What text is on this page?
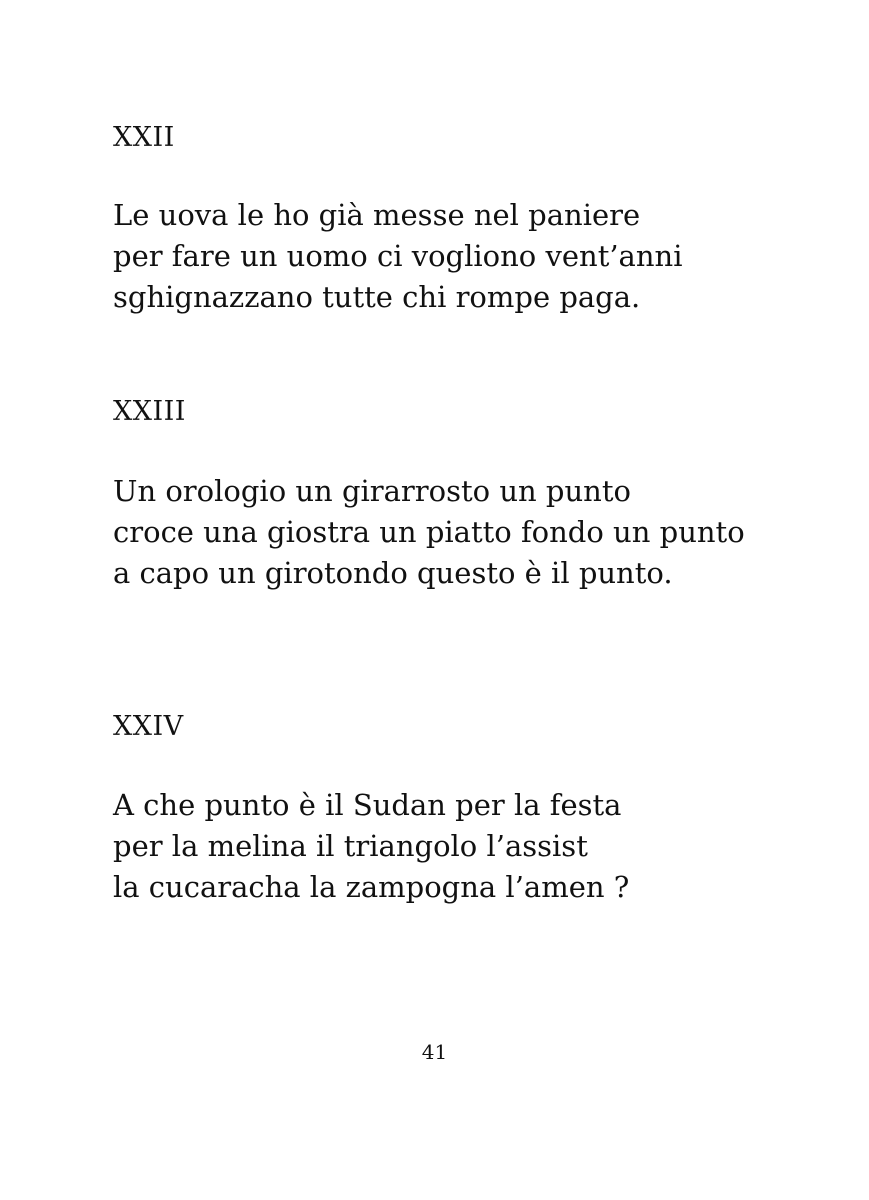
XXII
Le uova le ho già messe nel paniere
per fare un uomo ci vogliono vent’anni
sghignazzano tutte chi rompe paga.
XXIII
Un orologio un girarrosto un punto
croce una giostra un piatto fondo un punto
a capo un girotondo questo è il punto.
XXIV
A che punto è il Sudan per la festa
per la melina il triangolo l’assist
la cucaracha la zampogna l’amen ?
41
